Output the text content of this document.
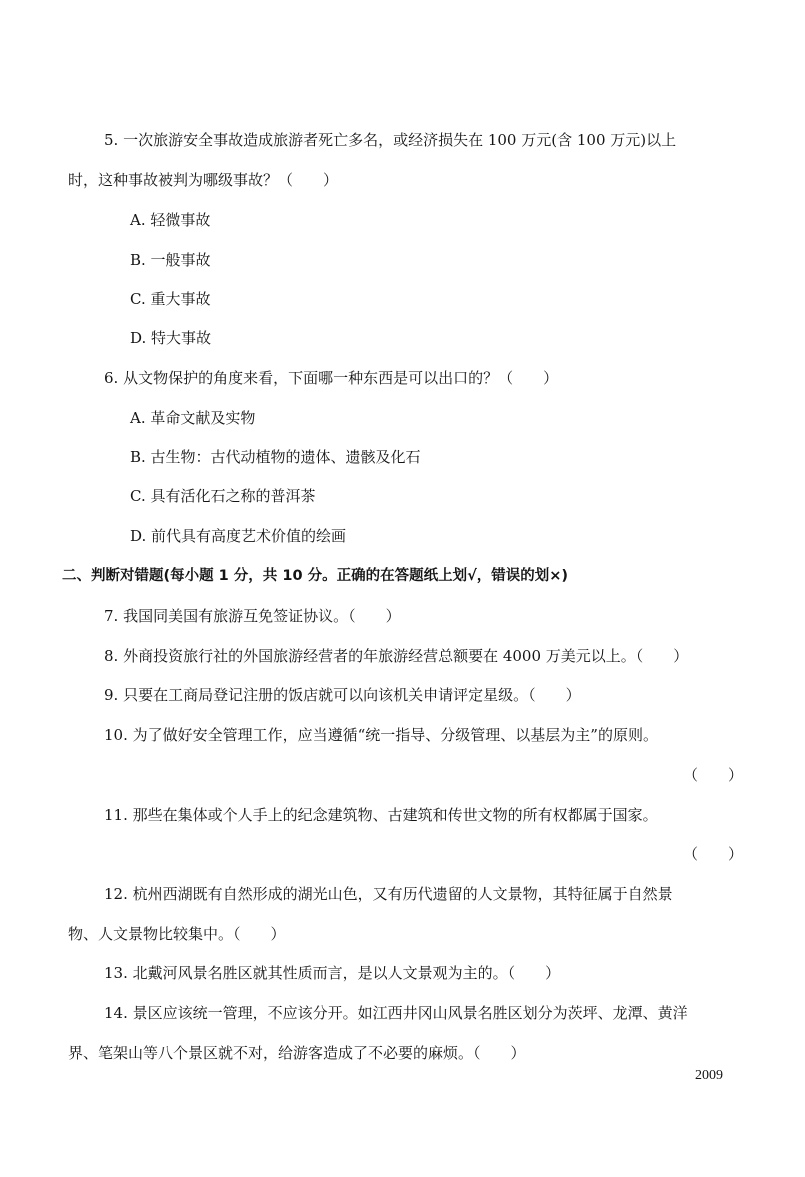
5. 一次旅游安全事故造成旅游者死亡多名，或经济损失在 100 万元(含 100 万元)以上
时，这种事故被判为哪级事故？（　　）
A. 轻微事故
B. 一般事故
C. 重大事故
D. 特大事故
6. 从文物保护的角度来看，下面哪一种东西是可以出口的？（　　）
A. 革命文献及实物
B. 古生物：古代动植物的遗体、遗骸及化石
C. 具有活化石之称的普洱茶
D. 前代具有高度艺术价值的绘画
二、判断对错题(每小题 1 分，共 10 分。正确的在答题纸上划√，错误的划×)
7. 我国同美国有旅游互免签证协议。（　　）
8. 外商投资旅行社的外国旅游经营者的年旅游经营总额要在 4000 万美元以上。（　　）
9. 只要在工商局登记注册的饭店就可以向该机关申请评定星级。（　　）
10. 为了做好安全管理工作，应当遵循“统一指导、分级管理、以基层为主”的原则。
（　　）
11. 那些在集体或个人手上的纪念建筑物、古建筑和传世文物的所有权都属于国家。
（　　）
12. 杭州西湖既有自然形成的湖光山色，又有历代遗留的人文景物，其特征属于自然景
物、人文景物比较集中。（　　）
13. 北戴河风景名胜区就其性质而言，是以人文景观为主的。（　　）
14. 景区应该统一管理，不应该分开。如江西井冈山风景名胜区划分为茨坪、龙潭、黄洋
界、笔架山等八个景区就不对，给游客造成了不必要的麻烦。（　　）
2009
